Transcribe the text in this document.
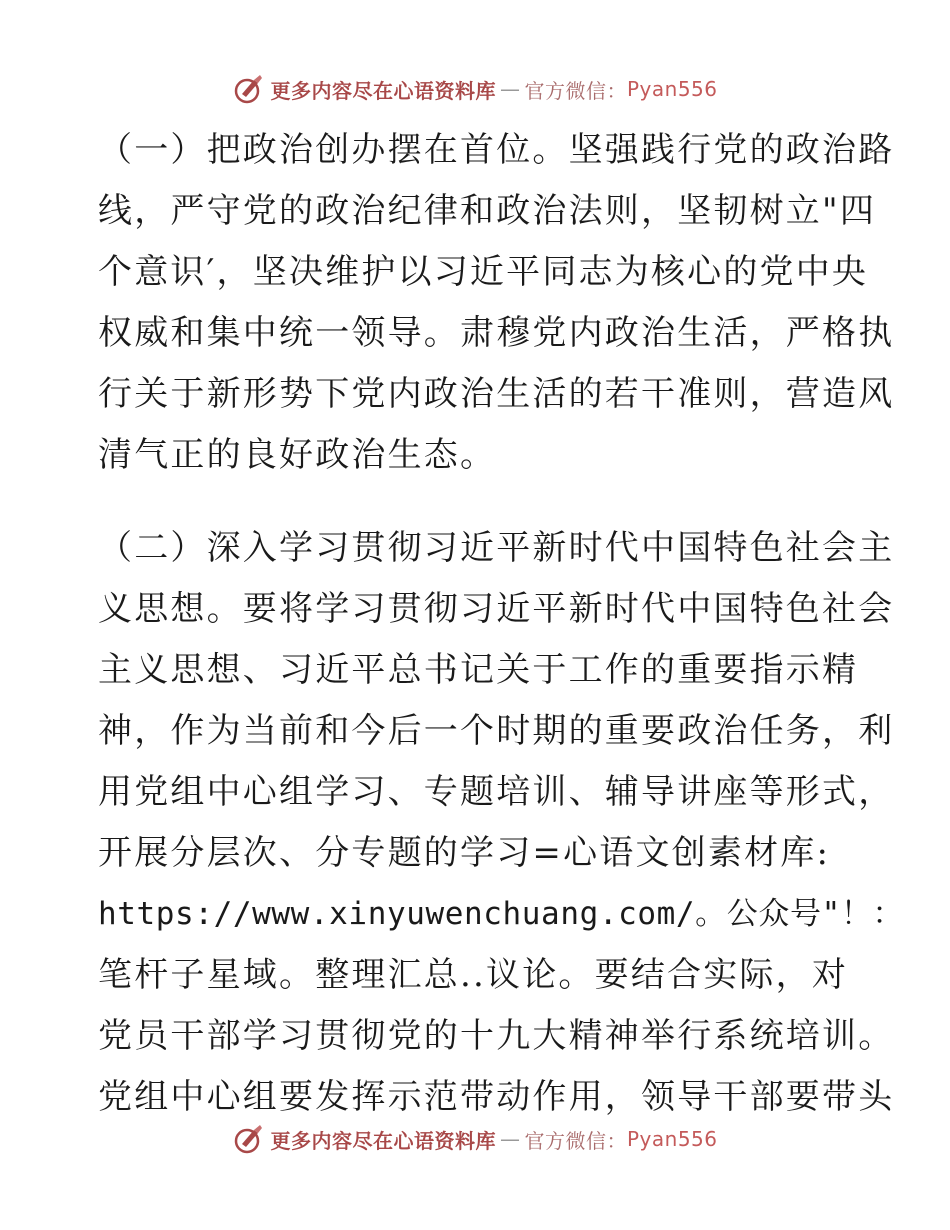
更多内容尽在心语资料库 — 官方微信： Pyan556
（一）把政治创办摆在首位。坚强践行党的政治路
线，严守党的政治纪律和政治法则，坚韧树立"四
个意识′，坚决维护以习近平同志为核心的党中央
权威和集中统一领导。肃穆党内政治生活，严格执
行关于新形势下党内政治生活的若干准则，营造风
清气正的良好政治生态。
（二）深入学习贯彻习近平新时代中国特色社会主
义思想。要将学习贯彻习近平新时代中国特色社会
主义思想、习近平总书记关于工作的重要指示精
神，作为当前和今后一个时期的重要政治任务，利
用党组中心组学习、专题培训、辅导讲座等形式，
开展分层次、分专题的学习=心语文创素材库:
https://www.xinyuwenchuang.com/。公众号"！：
笔杆子星域。整理汇总..议论。要结合实际，对
党员干部学习贯彻党的十九大精神举行系统培训。
党组中心组要发挥示范带动作用，领导干部要带头
更多内容尽在心语资料库 — 官方微信： Pyan556
